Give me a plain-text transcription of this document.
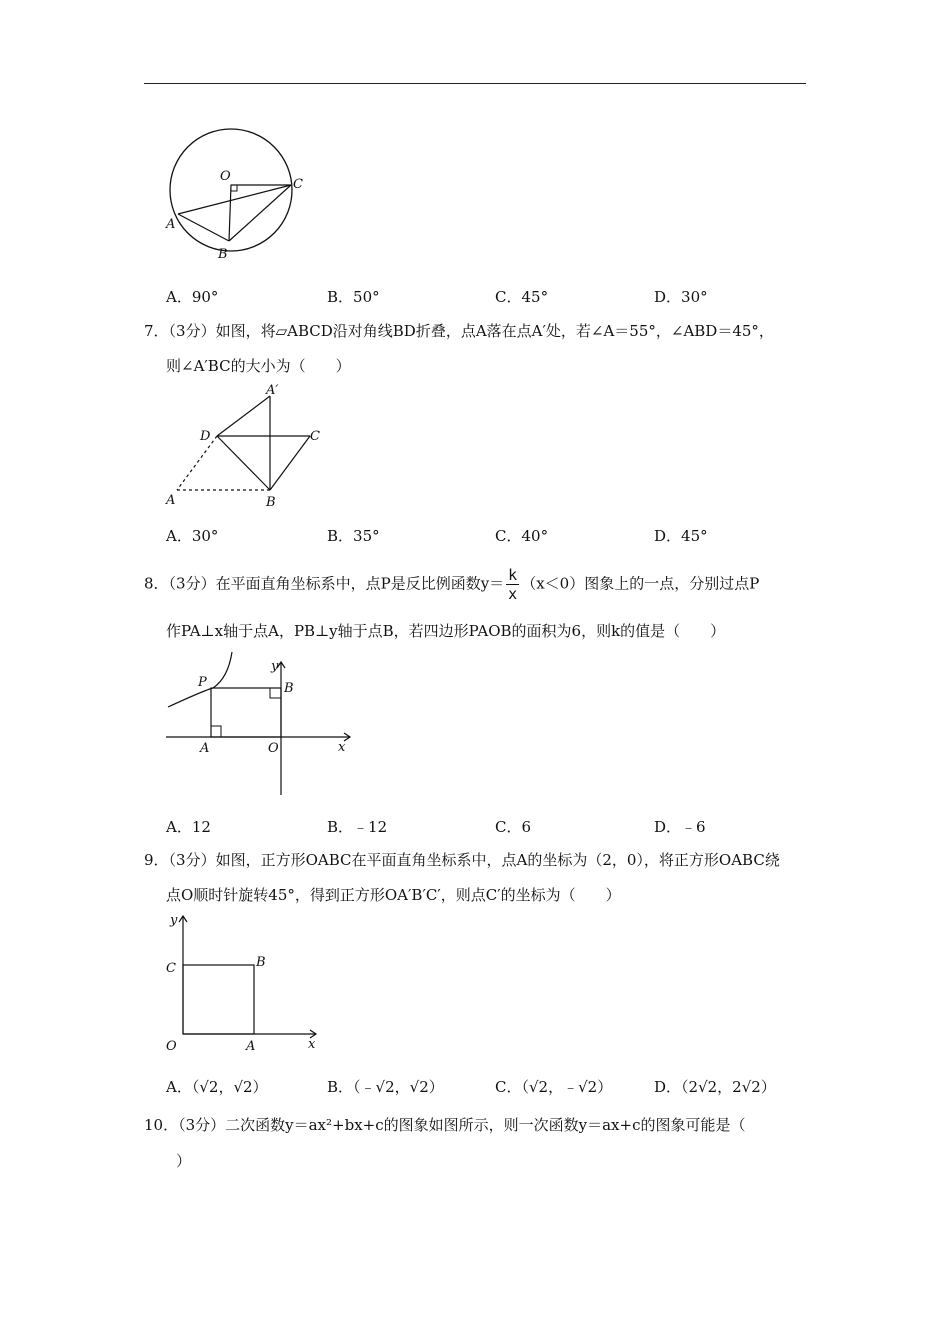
O
C
A
B
A．90°	B．50°	C．45°	D．30°
7．（3分）如图，将▱ABCD沿对角线BD折叠，点A落在点A′处，若∠A＝55°，∠ABD＝45°，
则∠A′BC的大小为（　　）
A′
D	C
A	B
A．30°	B．35°	C．40°	D．45°
8．（3分）在平面直角坐标系中，点P是反比例函数$y= \frac{k}{x} (x<0)$图象上的一点，分别过点P
作PA⊥x轴于点A，PB⊥y轴于点B，若四边形PAOB的面积为6，则k的值是（　　）
P
y
B
A	O	x
A．12	B．﹣12	C．6	D．﹣6
9．（3分）如图，正方形OABC在平面直角坐标系中，点A的坐标为（2，0），将正方形OABC绕
点O顺时针旋转45°，得到正方形OA′B′C′，则点C′的坐标为（　　）
y
C	B
O	A	x
A．（√2，√2）	B．（﹣√2，√2）	C．（√2，﹣√2）	D．（2√2，2√2）
10．（3分）二次函数y＝ax²+bx+c的图象如图所示，则一次函数y＝ax+c的图象可能是（
）
